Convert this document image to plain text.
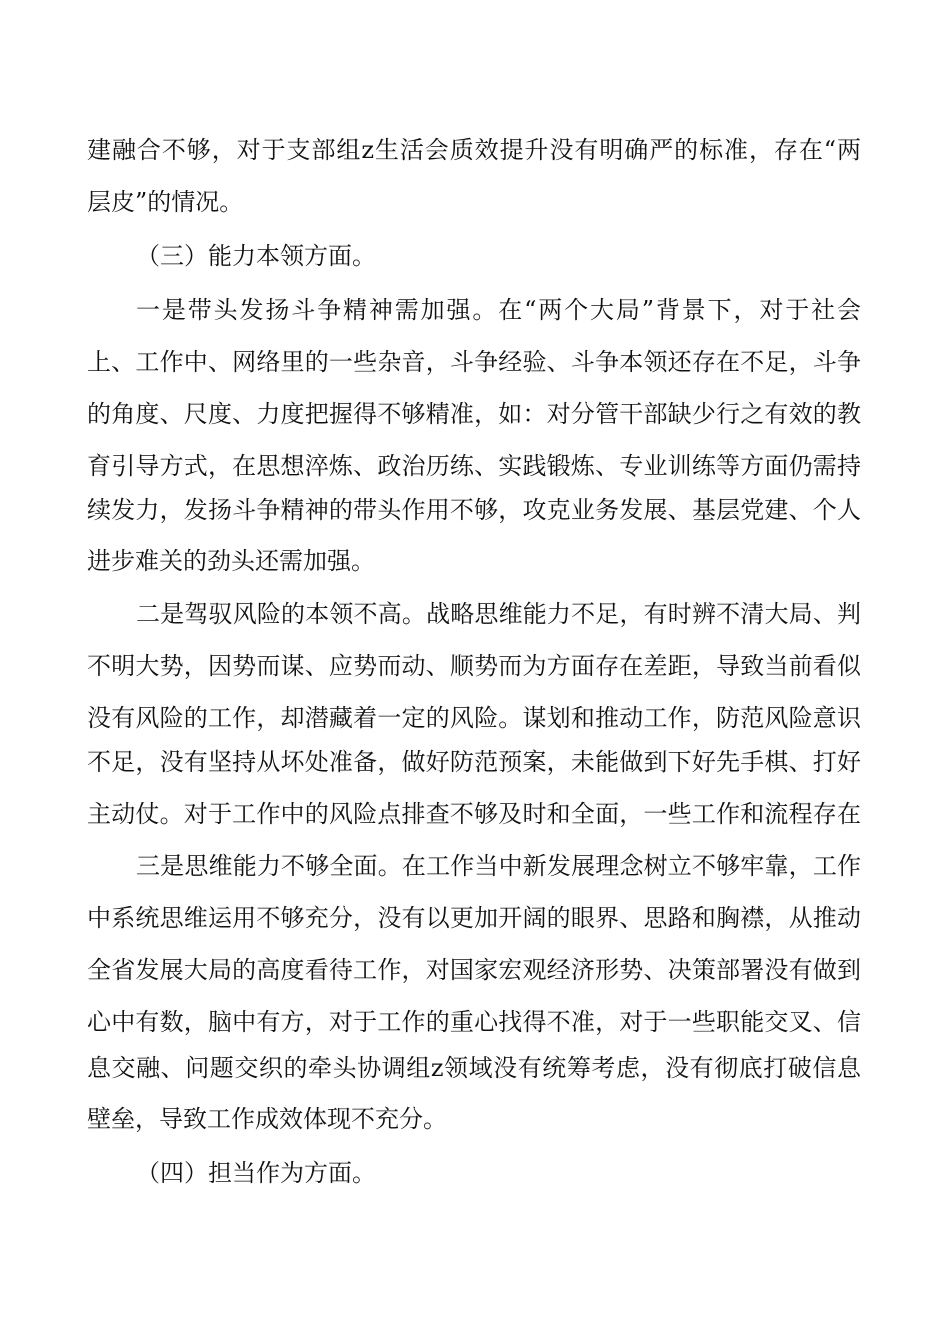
建融合不够，对于支部组z生活会质效提升没有明确严的标准，存在“两
层皮”的情况。
（三）能力本领方面。
一是带头发扬斗争精神需加强。在“两个大局”背景下，对于社会
上、工作中、网络里的一些杂音，斗争经验、斗争本领还存在不足，斗争
的角度、尺度、力度把握得不够精准，如：对分管干部缺少行之有效的教
育引导方式，在思想淬炼、政治历练、实践锻炼、专业训练等方面仍需持
续发力，发扬斗争精神的带头作用不够，攻克业务发展、基层党建、个人
进步难关的劲头还需加强。
二是驾驭风险的本领不高。战略思维能力不足，有时辨不清大局、判
不明大势，因势而谋、应势而动、顺势而为方面存在差距，导致当前看似
没有风险的工作，却潜藏着一定的风险。谋划和推动工作，防范风险意识
不足，没有坚持从坏处准备，做好防范预案，未能做到下好先手棋、打好
主动仗。对于工作中的风险点排查不够及时和全面，一些工作和流程存在
三是思维能力不够全面。在工作当中新发展理念树立不够牢靠，工作
中系统思维运用不够充分，没有以更加开阔的眼界、思路和胸襟，从推动
全省发展大局的高度看待工作，对国家宏观经济形势、决策部署没有做到
心中有数，脑中有方，对于工作的重心找得不准，对于一些职能交叉、信
息交融、问题交织的牵头协调组z领域没有统筹考虑，没有彻底打破信息
壁垒，导致工作成效体现不充分。
（四）担当作为方面。
